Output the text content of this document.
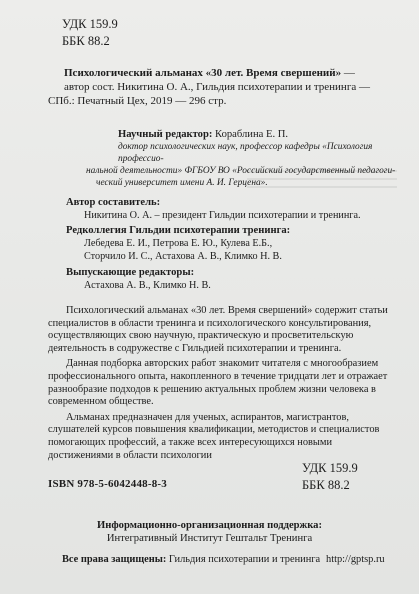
УДК 159.9
ББК 88.2
Психологический альманах «30 лет. Время свершений» —
автор сост. Никитина О. А., Гильдия психотерапии и тренинга —
СПб.: Печатный Цех, 2019 — 296 стр.
Научный редактор: Кораблина Е. П.
доктор психологических наук, профессор кафедры «Психология профессио-
нальной деятельности» ФГБОУ ВО «Российский государственный педагоги-
ческий университет имени А. И. Герцена».
Автор составитель:
Никитина О. А. – президент Гильдии психотерапии и тренинга.
Редколлегия Гильдии психотерапии тренинга:
Лебедева Е. И., Петрова Е. Ю., Кулева Е.Б.,
Сторчило И. С., Астахова А. В., Климко Н. В.
Выпускающие редакторы:
Астахова А. В., Климко Н. В.

Психологический альманах «30 лет. Время свершений» содержит статьи специалистов в области тренинга и психологического консультирования, осуществляющих свою научную, практическую и просветительскую деятельность в содружестве с Гильдией психотерапии и тренинга.

Данная подборка авторских работ знакомит читателя с многообразием профессионального опыта, накопленного в течение тридцати лет и отражает разнообразие подходов к решению актуальных проблем жизни человека в современном обществе.

Альманах предназначен для ученых, аспирантов, магистрантов, слушателей курсов повышения квалификации, методистов и специалистов помогающих профессий, а также всех интересующихся новыми достижениями в области психологии

УДК 159.9
ББК 88.2
ISBN 978-5-6042448-8-3
Информационно-организационная поддержка:
Интегративный Институт Гештальт Тренинга
Все права защищены: Гильдия психотерапии и тренинга http://gptsp.ru
